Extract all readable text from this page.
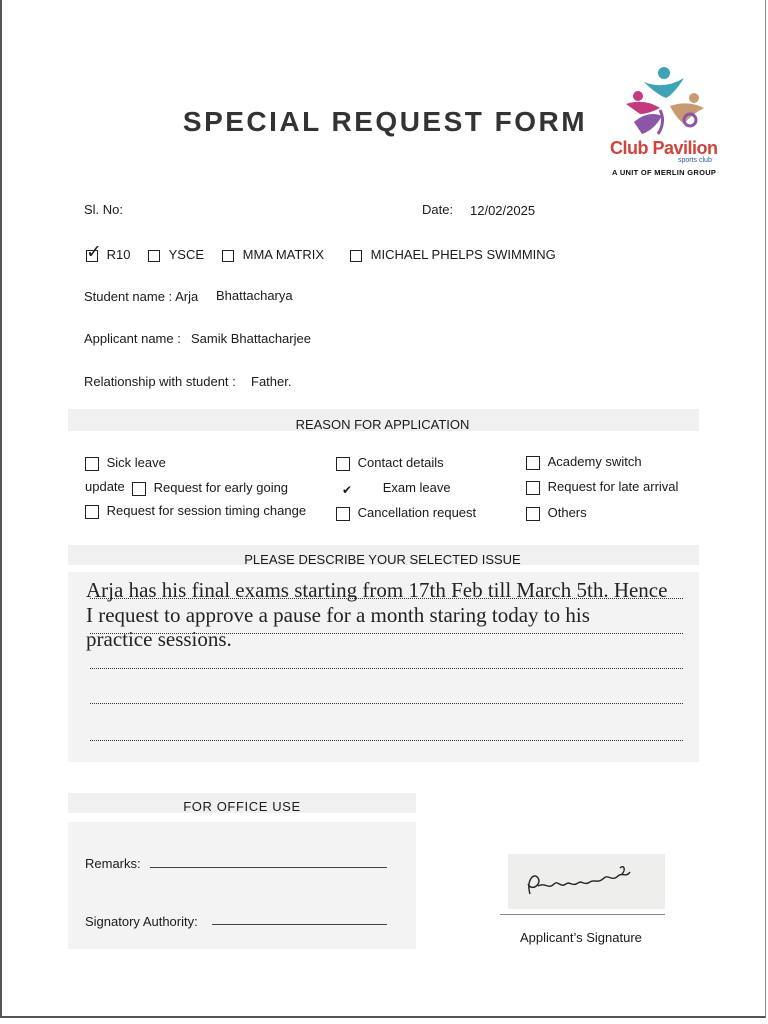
SPECIAL REQUEST FORM
Club Pavilion
sports club
A UNIT OF MERLIN GROUP
Sl. No:	Date: 12/02/2025
✓ R10	YSCE	MMA MATRIX	MICHAEL PHELPS SWIMMING
Student name : Arja Bhattacharya
Applicant name : Samik Bhattacharjee
Relationship with student : Father.
REASON FOR APPLICATION
Sick leave
update	Request for early going
Request for session timing change
Contact details
✔ Exam leave
Cancellation request
Academy switch
Request for late arrival
Others
PLEASE DESCRIBE YOUR SELECTED ISSUE
Arja has his final exams starting from 17th Feb till March 5th. Hence
I request to approve a pause for a month staring today to his
practice sessions.
FOR OFFICE USE
Remarks:
Signatory Authority:
Applicant’s Signature
